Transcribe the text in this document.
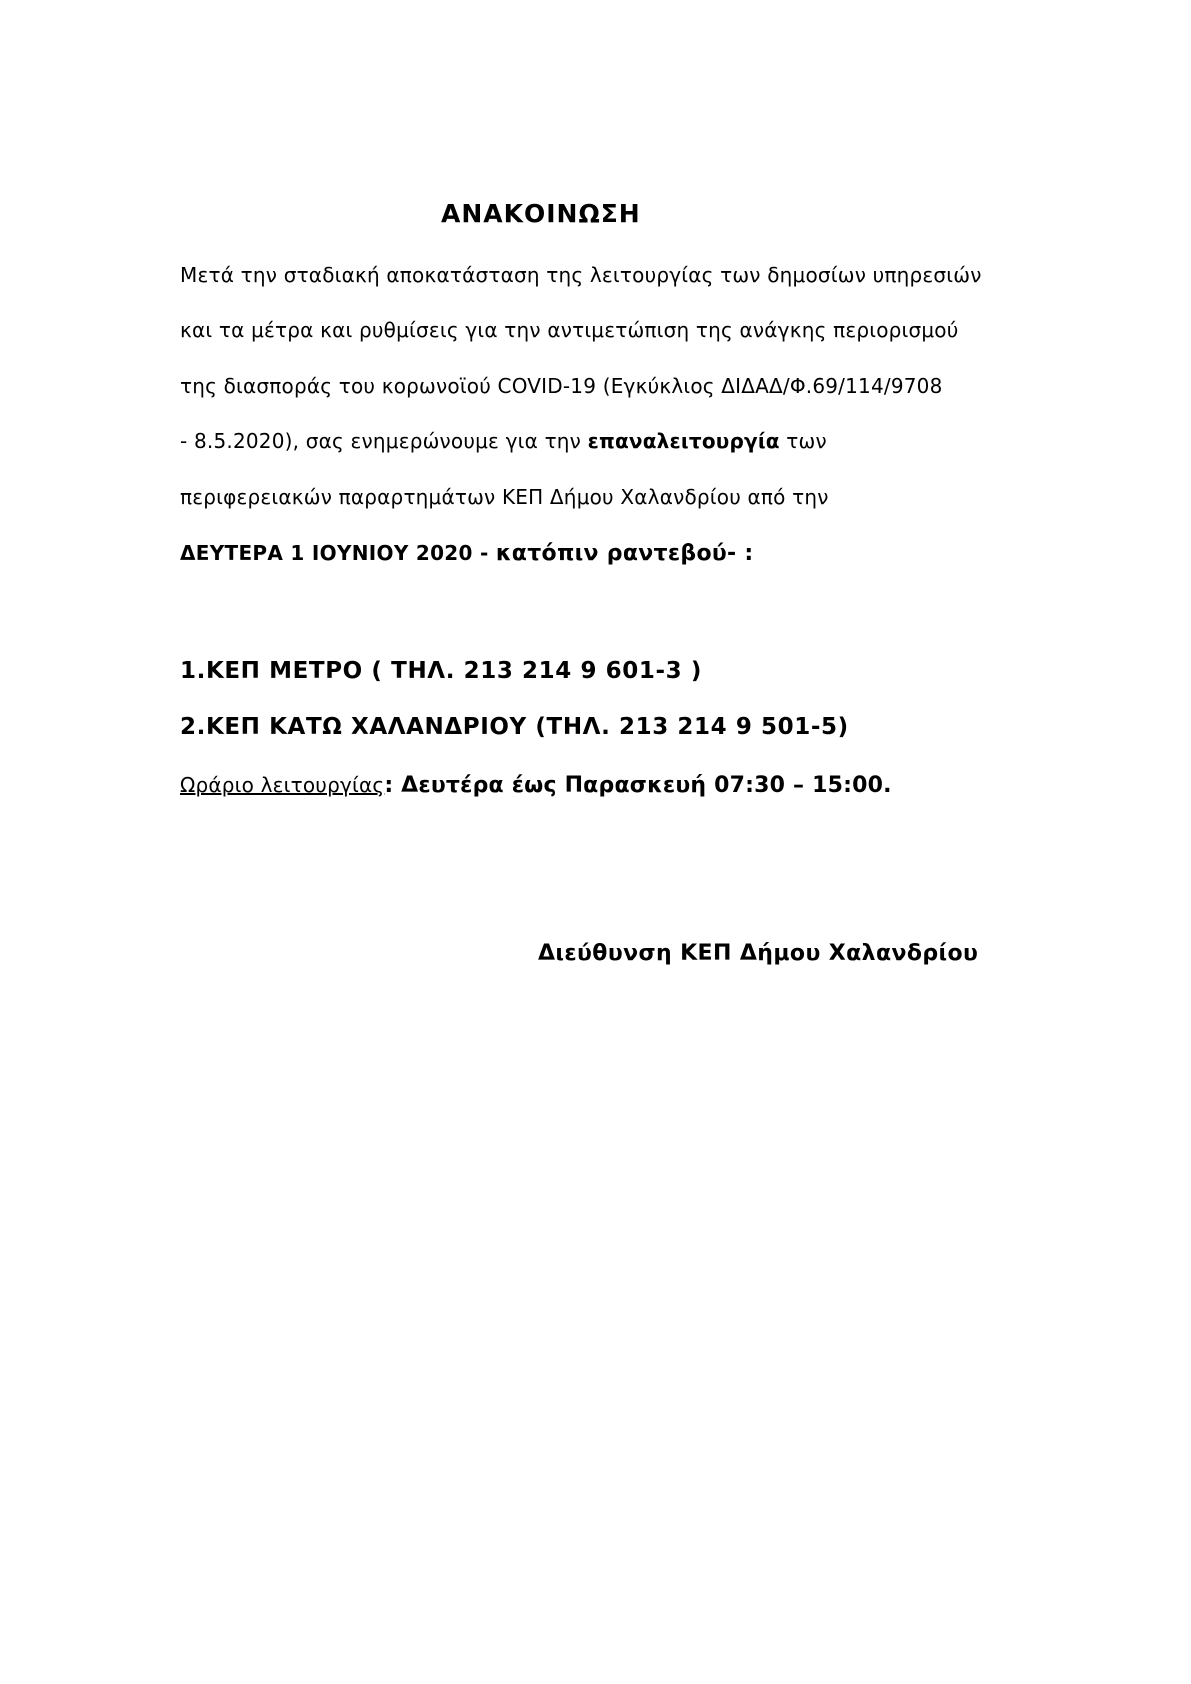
ΑΝΑΚΟΙΝΩΣΗ
Μετά την σταδιακή αποκατάσταση της λειτουργίας των δημοσίων υπηρεσιών
και τα μέτρα και ρυθμίσεις για την αντιμετώπιση της ανάγκης περιορισμού
της διασποράς του κορωνοϊού COVID-19 (Εγκύκλιος ΔΙΔΑΔ/Φ.69/114/9708
- 8.5.2020), σας ενημερώνουμε για την επαναλειτουργία των
περιφερειακών παραρτημάτων ΚΕΠ Δήμου Χαλανδρίου από την
ΔΕΥΤΕΡΑ 1 ΙΟΥΝΙΟΥ 2020 - κατόπιν ραντεβού- :
1.ΚΕΠ ΜΕΤΡΟ ( ΤΗΛ. 213 214 9 601-3 )
2.ΚΕΠ ΚΑΤΩ ΧΑΛΑΝΔΡΙΟΥ (ΤΗΛ. 213 214 9 501-5)
Ωράριο λειτουργίας: Δευτέρα έως Παρασκευή 07:30 – 15:00.
Διεύθυνση ΚΕΠ Δήμου Χαλανδρίου
